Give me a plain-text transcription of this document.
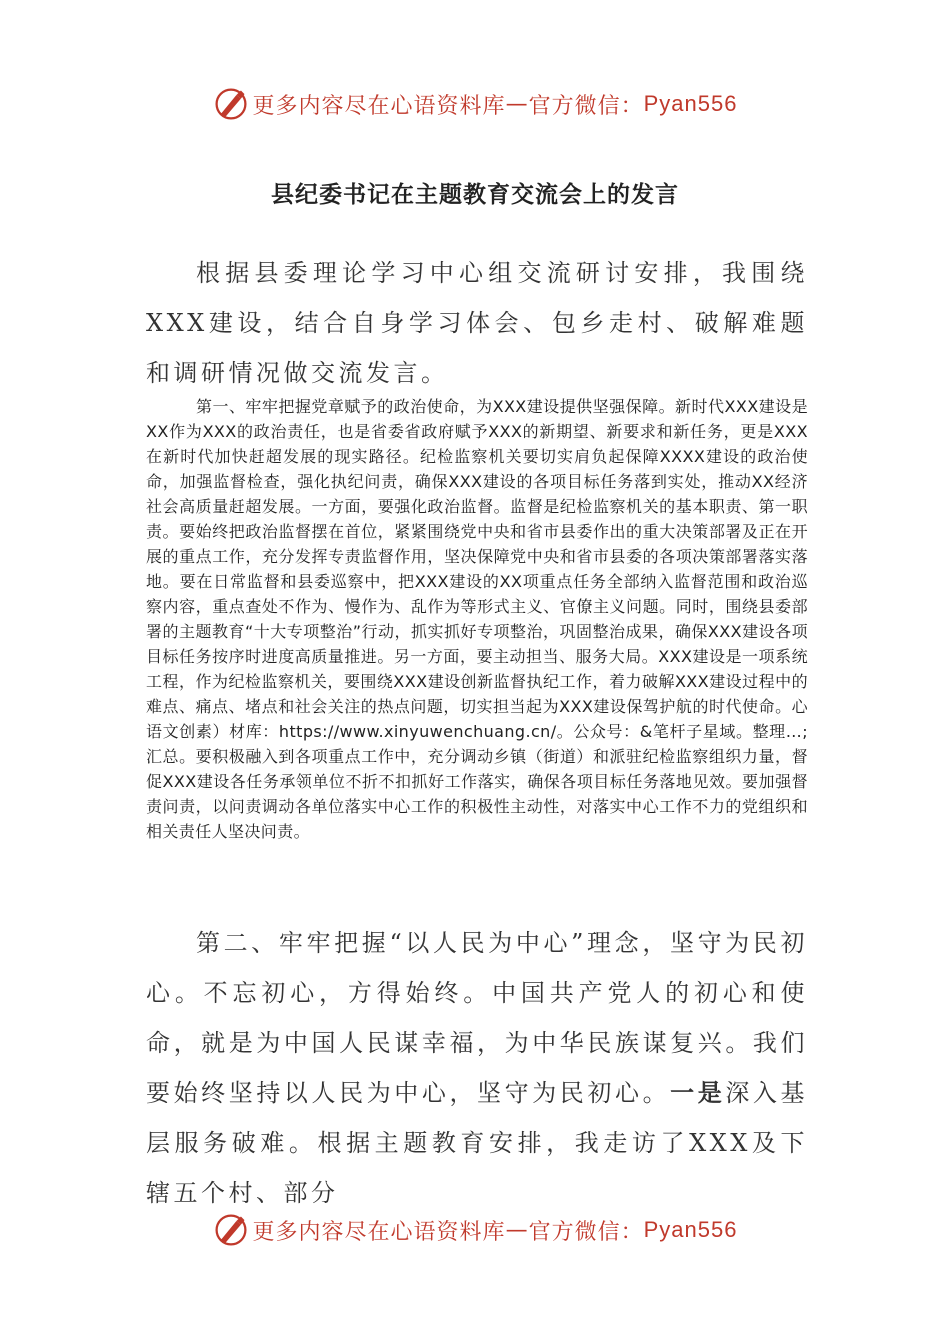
更多内容尽在心语资料库 — 官方微信： Pyan556
县纪委书记在主题教育交流会上的发言

根据县委理论学习中心组交流研讨安排，我围绕XXX建设，结合自身学习体会、包乡走村、破解难题和调研情况做交流发言。

第一、牢牢把握党章赋予的政治使命，为XXX建设提供坚强保障。新时代XXX建设是XX作为XXX的政治责任，也是省委省政府赋予XXX的新期望、新要求和新任务，更是XXX在新时代加快赶超发展的现实路径。纪检监察机关要切实肩负起保障XXXX建设的政治使命，加强监督检查，强化执纪问责，确保XXX建设的各项目标任务落到实处，推动XX经济社会高质量赶超发展。一方面，要强化政治监督。监督是纪检监察机关的基本职责、第一职责。要始终把政治监督摆在首位，紧紧围绕党中央和省市县委作出的重大决策部署及正在开展的重点工作，充分发挥专责监督作用，坚决保障党中央和省市县委的各项决策部署落实落地。要在日常监督和县委巡察中，把XXX建设的XX项重点任务全部纳入监督范围和政治巡察内容，重点查处不作为、慢作为、乱作为等形式主义、官僚主义问题。同时，围绕县委部署的主题教育“十大专项整治”行动，抓实抓好专项整治，巩固整治成果，确保XXX建设各项目标任务按序时进度高质量推进。另一方面，要主动担当、服务大局。XXX建设是一项系统工程，作为纪检监察机关，要围绕XXX建设创新监督执纪工作，着力破解XXX建设过程中的难点、痛点、堵点和社会关注的热点问题，切实担当起为XXX建设保驾护航的时代使命。心语文创素）材库：https://www.xinyuwenchuang.cn/。公众号：&笔杆子星域。整理…;汇总。要积极融入到各项重点工作中，充分调动乡镇（街道）和派驻纪检监察组织力量，督促XXX建设各任务承领单位不折不扣抓好工作落实，确保各项目标任务落地见效。要加强督责问责，以问责调动各单位落实中心工作的积极性主动性，对落实中心工作不力的党组织和相关责任人坚决问责。

第二、牢牢把握“以人民为中心”理念，坚守为民初心。不忘初心，方得始终。中国共产党人的初心和使命，就是为中国人民谋幸福，为中华民族谋复兴。我们要始终坚持以人民为中心，坚守为民初心。一是深入基层服务破难。根据主题教育安排，我走访了XXX及下辖五个村、部分

更多内容尽在心语资料库 — 官方微信： Pyan556
